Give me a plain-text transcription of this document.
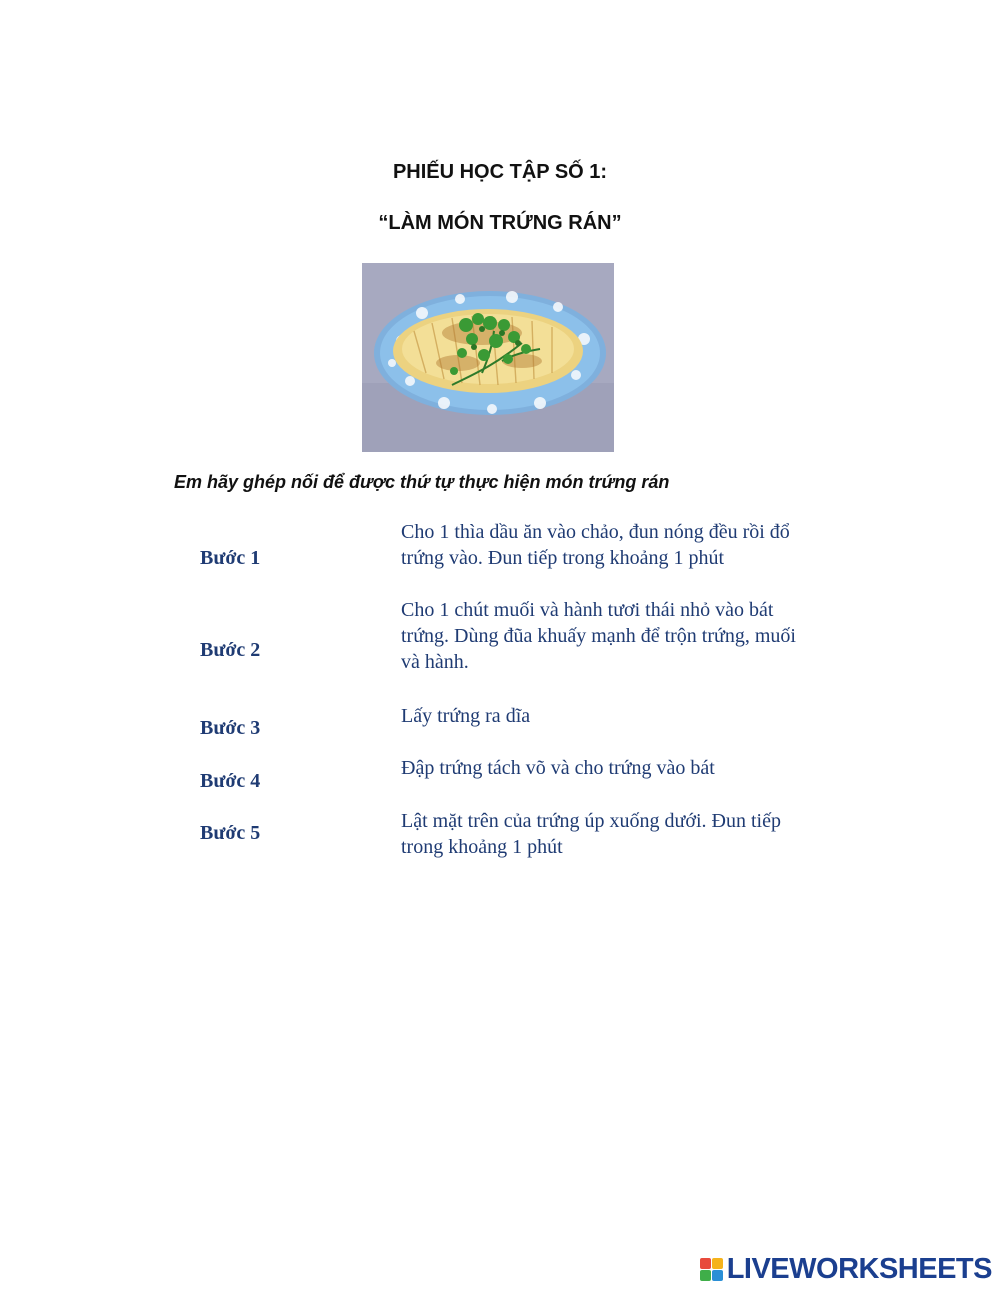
PHIẾU HỌC TẬP SỐ 1:
“LÀM MÓN TRỨNG RÁN”
Em hãy ghép nối để được thứ tự thực hiện món trứng rán
Bước 1
Bước 2
Bước 3
Bước 4
Bước 5
Cho 1 thìa dầu ăn vào chảo, đun nóng đều rồi đổ
trứng vào. Đun tiếp trong khoảng 1 phút
Cho 1 chút muối và hành tươi thái nhỏ vào bát
trứng. Dùng đũa khuấy mạnh để trộn trứng, muối
và hành.
Lấy trứng ra dĩa
Đập trứng tách võ và cho trứng vào bát
Lật mặt trên của trứng úp xuống dưới. Đun tiếp
trong khoảng 1 phút
LIVEWORKSHEETS
